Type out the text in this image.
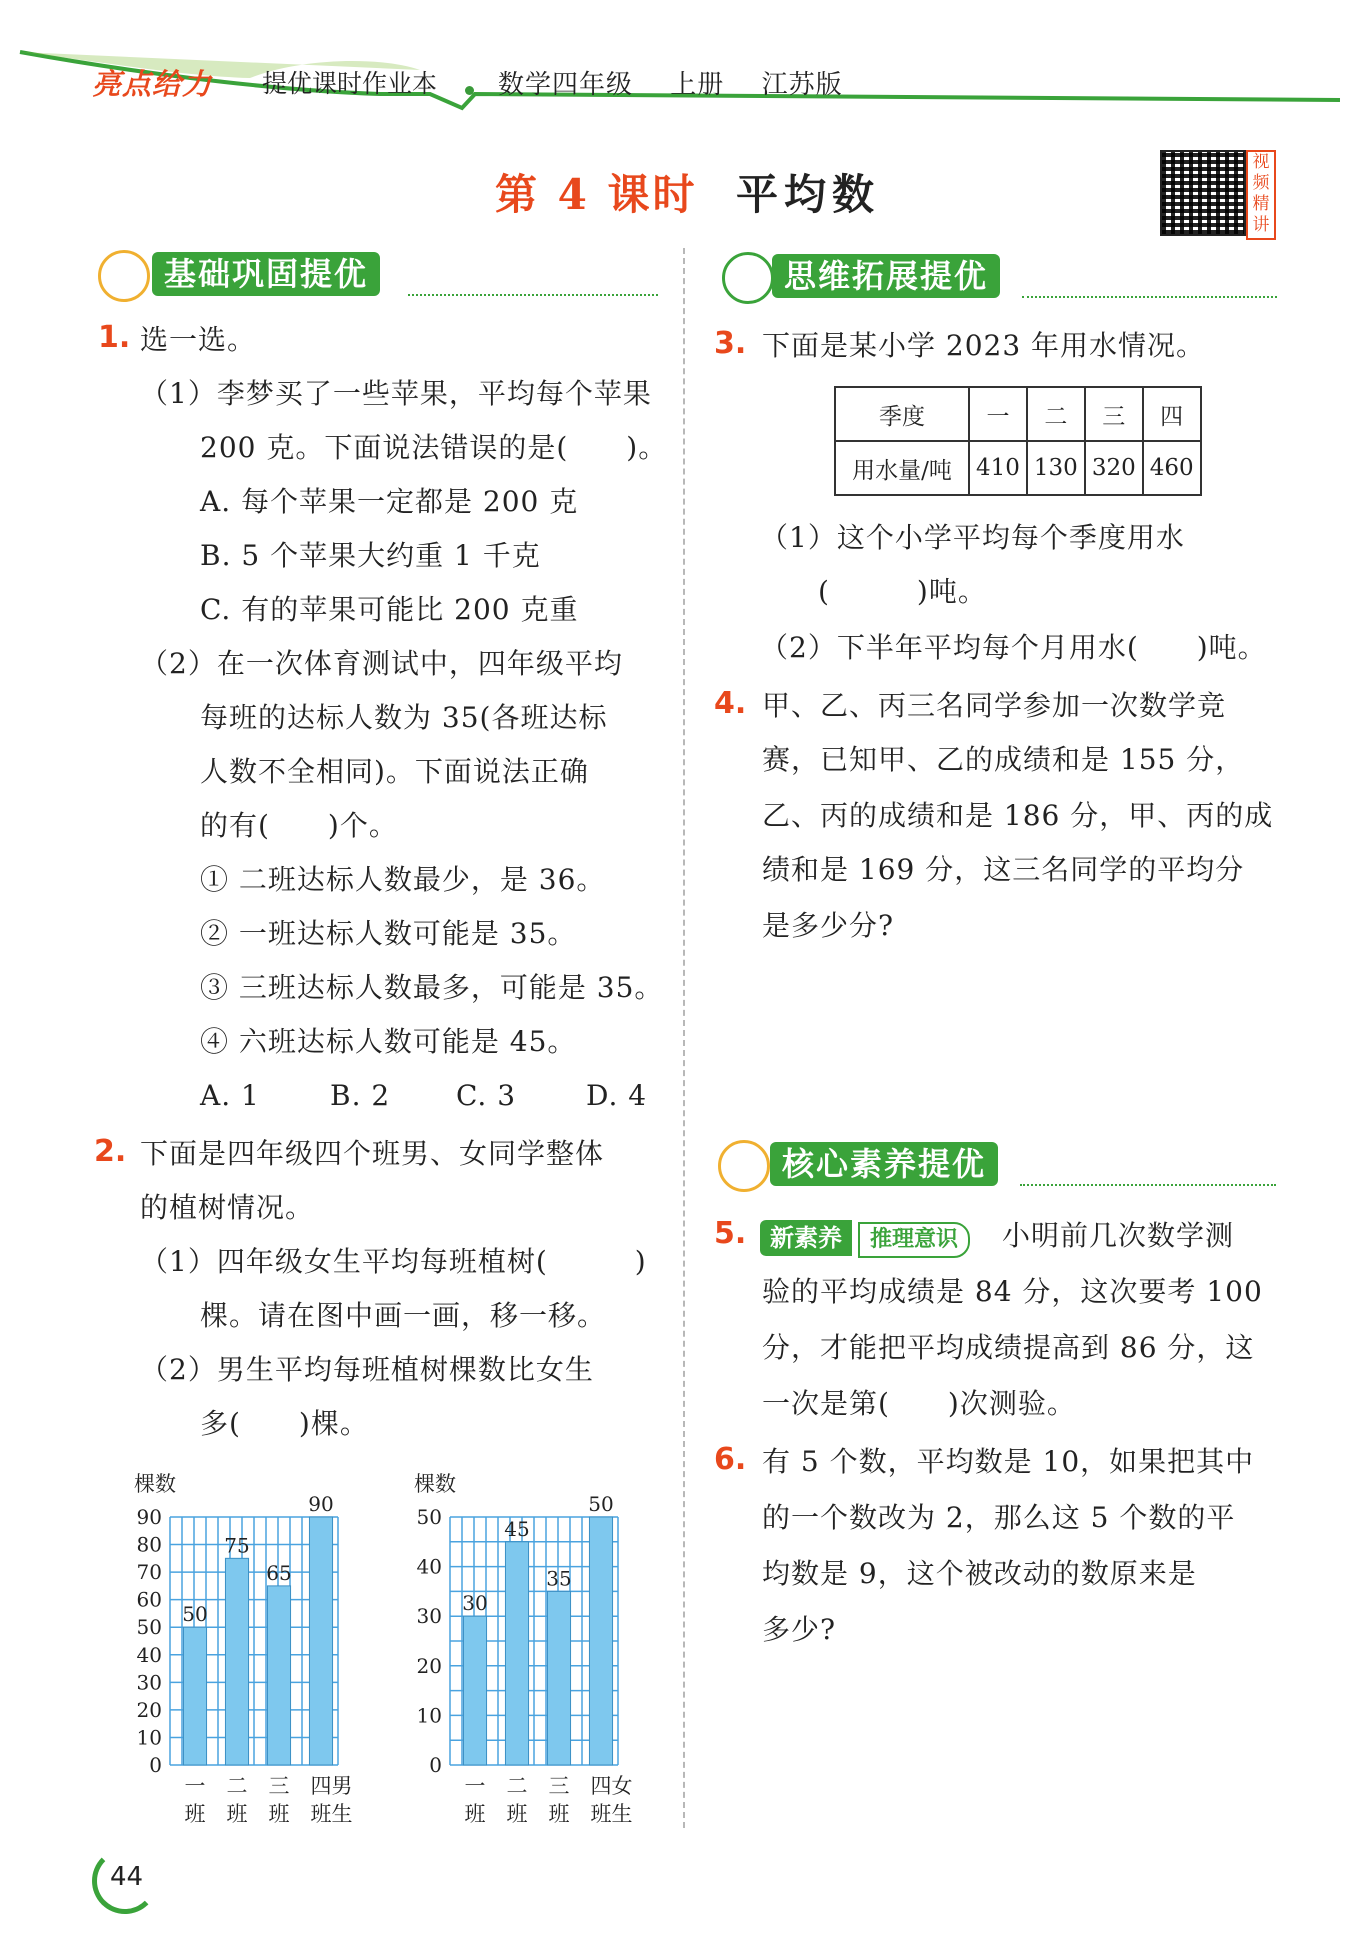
亮点给力 提优课时作业本 数学四年级 上册 江苏版
第 4 课时 平均数
视频精讲
基础巩固提优
1. 选一选。
（1）李梦买了一些苹果，平均每个苹果
200 克。下面说法错误的是(　　)。
A. 每个苹果一定都是 200 克
B. 5 个苹果大约重 1 千克
C. 有的苹果可能比 200 克重
（2）在一次体育测试中，四年级平均
每班的达标人数为 35(各班达标
人数不全相同)。下面说法正确
的有(　　)个。
① 二班达标人数最少，是 36。
② 一班达标人数可能是 35。
③ 三班达标人数最多，可能是 35。
④ 六班达标人数可能是 45。
A. 1	B. 2 C. 3 D. 4
2. 下面是四年级四个班男、女同学整体
的植树情况。
（1）四年级女生平均每班植树(　　　)
棵。请在图中画一画，移一移。
（2）男生平均每班植树棵数比女生
多(　　)棵。
棵数
0
10
20
30
40
50
60
70
80
90
50
一
班
75
二
班
65
三
班
90
四
班
男
生
棵数
0
10
20
30
40
50
30
一
班
45
二
班
35
三
班
50
四
班
女
生
思维拓展提优
3. 下面是某小学 2023 年用水情况。
季度	一	二	三	四
用水量/吨	410	130	320	460
（1）这个小学平均每个季度用水
(　　　)吨。
（2）下半年平均每个月用水(　　)吨。
4. 甲、乙、丙三名同学参加一次数学竞
赛，已知甲、乙的成绩和是 155 分，
乙、丙的成绩和是 186 分，甲、丙的成
绩和是 169 分，这三名同学的平均分
是多少分?
核心素养提优
5. 新素养	推理意识	小明前几次数学测
验的平均成绩是 84 分，这次要考 100
分，才能把平均成绩提高到 86 分，这
一次是第(　　)次测验。
6. 有 5 个数，平均数是 10，如果把其中
的一个数改为 2，那么这 5 个数的平
均数是 9，这个被改动的数原来是
多少?
44
